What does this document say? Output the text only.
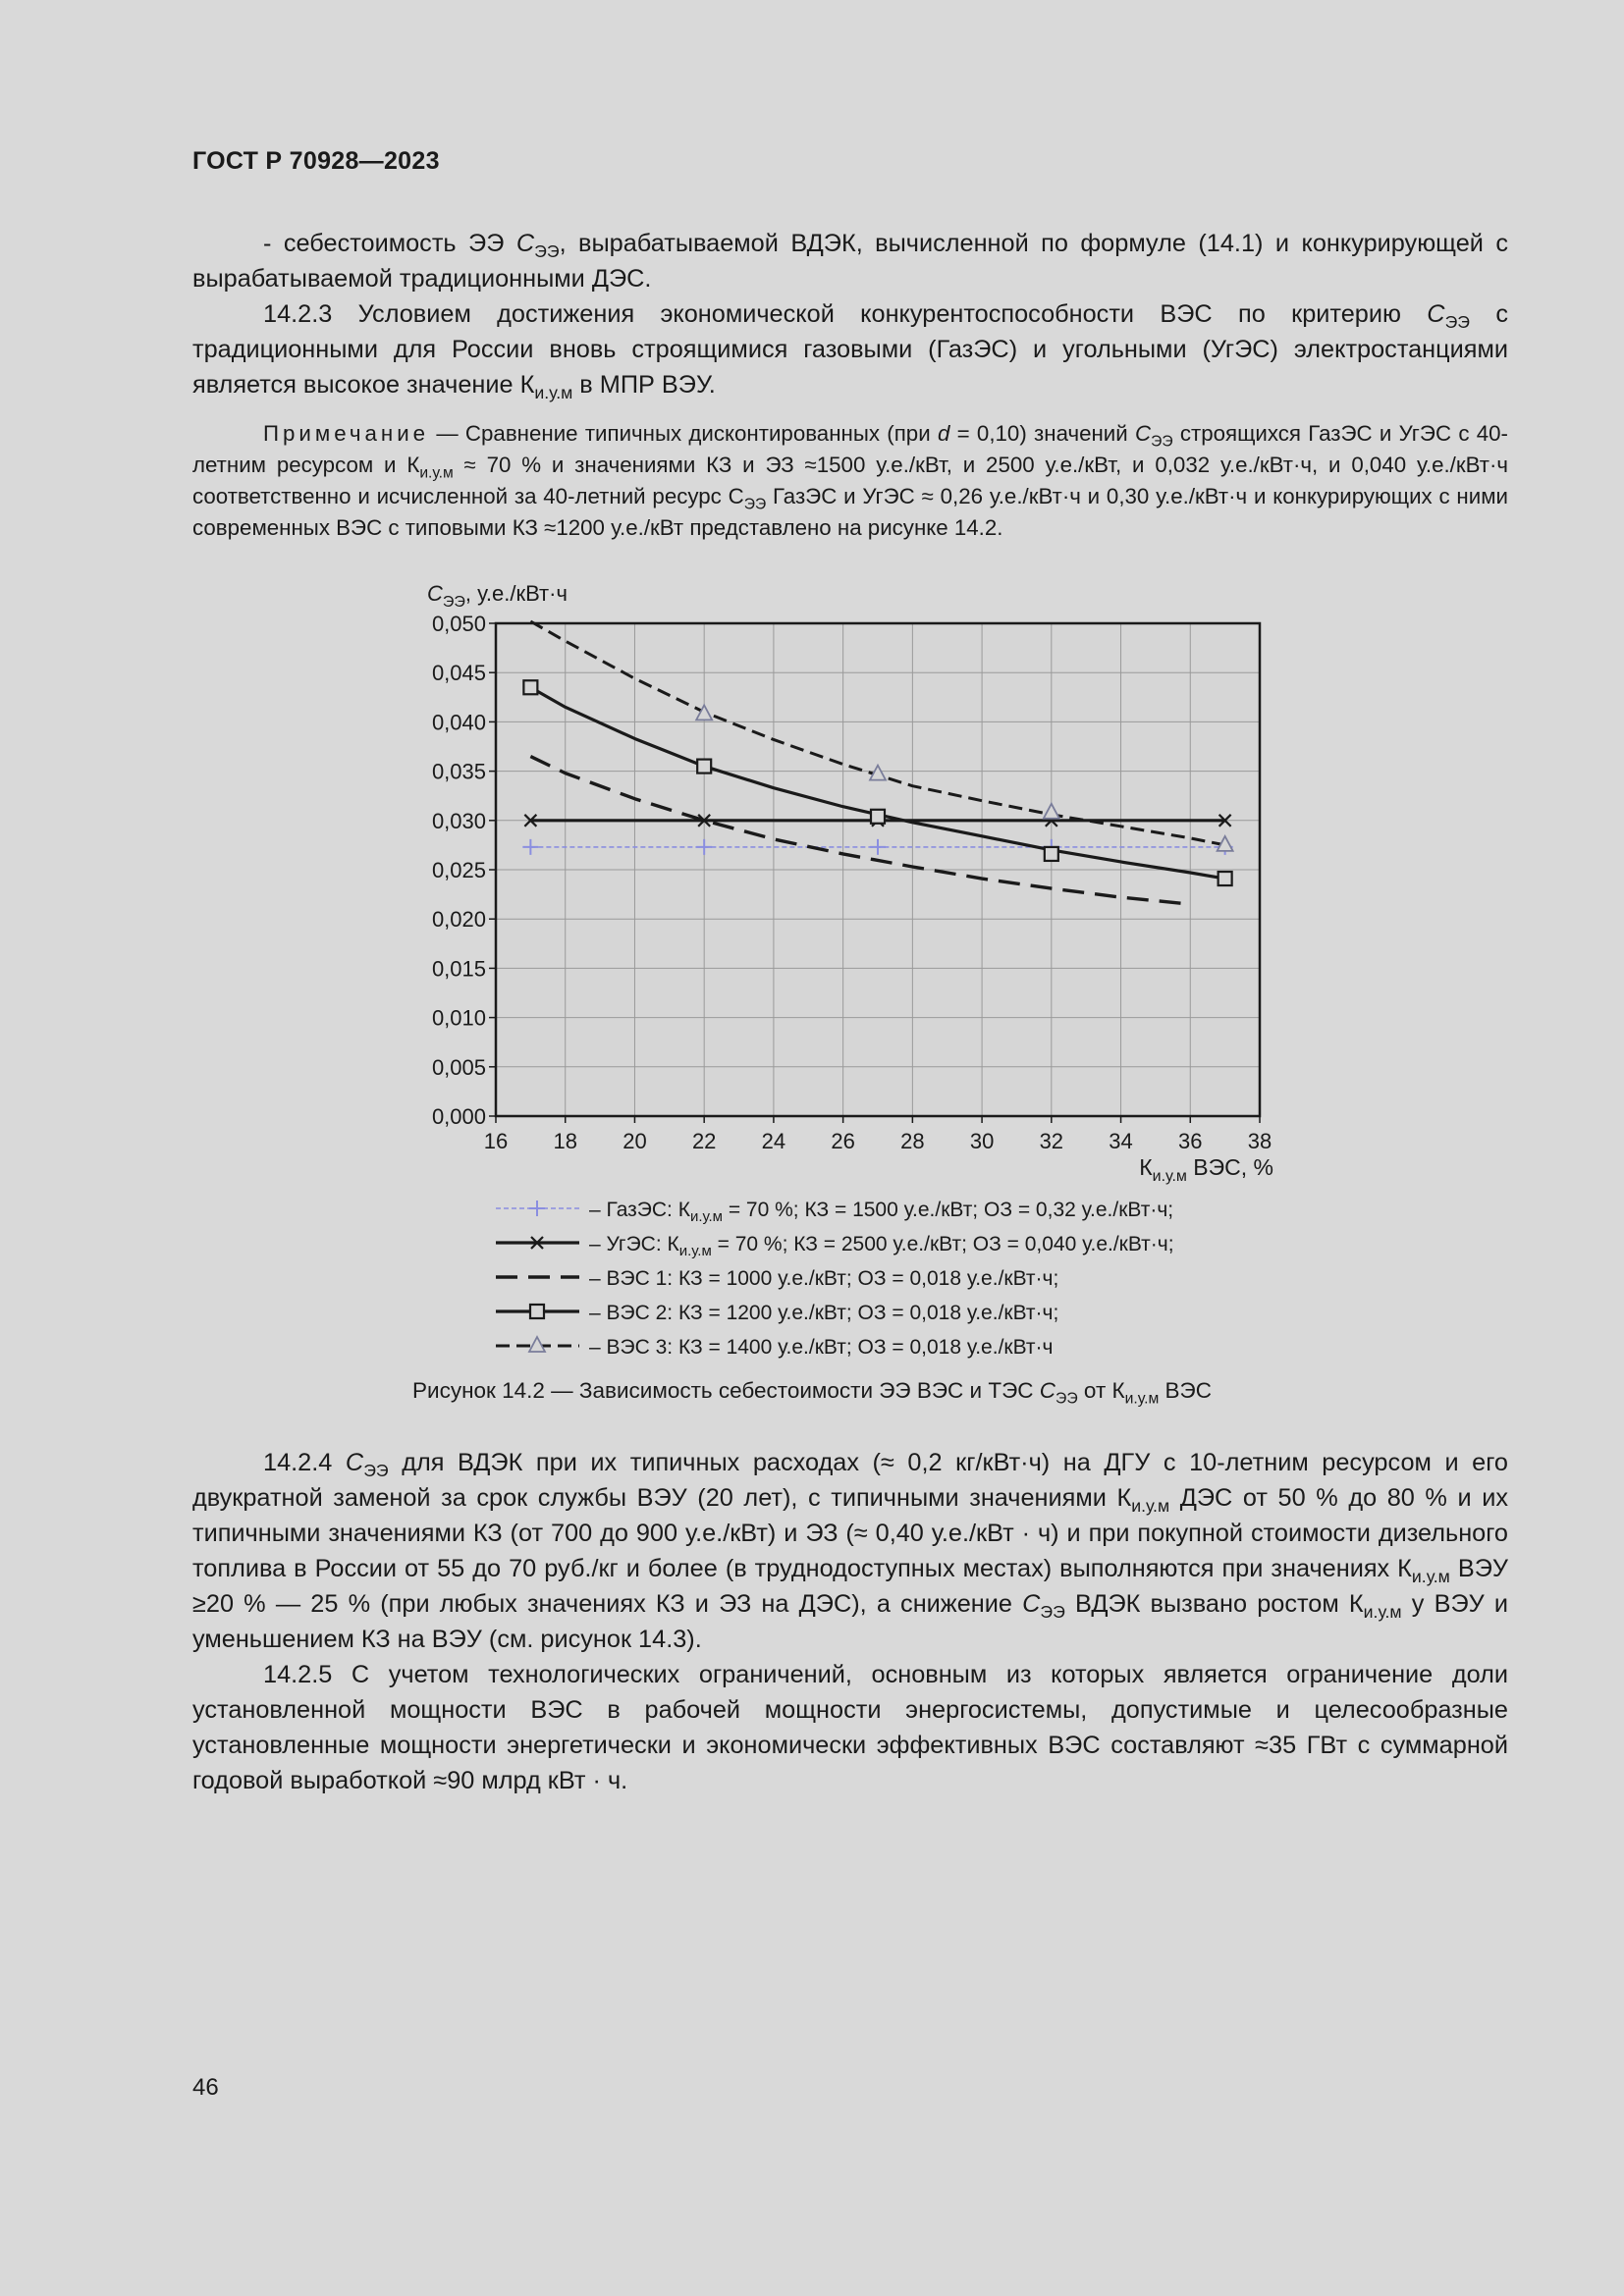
ГОСТ Р 70928—2023

- себестоимость ЭЭ $С_{ЭЭ}$, вырабатываемой ВДЭК, вычисленной по формуле (14.1) и конкурирующей с вырабатываемой традиционными ДЭС.

14.2.3 Условием достижения экономической конкурентоспособности ВЭС по критерию $С_{ЭЭ}$ с традиционными для России вновь строящимися газовыми (ГазЭС) и угольными (УгЭС) электростанциями является высокое значение $К_{и.у.м}$ в МПР ВЭУ.

Примечание — Сравнение типичных дисконтированных (при d = 0,10) значений $С_{ЭЭ}$ строящихся ГазЭС и УгЭС с 40-летним ресурсом и $К_{и.у.м} \approx 70$ % и значениями КЗ и ЭЗ ≈1500 у.е./кВт, и 2500 у.е./кВт, и 0,032 у.е./кВт·ч, и 0,040 у.е./кВт·ч соответственно и исчисленной за 40-летний ресурс $С_{ЭЭ}$ ГазЭС и УгЭС ≈ 0,26 у.е./кВт·ч и 0,30 у.е./кВт·ч и конкурирующих с ними современных ВЭС с типовыми КЗ ≈1200 у.е./кВт представлено на рисунке 14.2.

16 18 20 22 24 26 28 30 32 34 36 38
0,000
0,005
0,010
0,015
0,020
0,025
0,030
0,035
0,040
0,045
0,050
$С_{ЭЭ}$, у.е./кВт·ч
$К_{и.у.м}$ ВЭС, %
– ГазЭС: $К_{и.у.м} = 70$ %; КЗ = 1500 у.е./кВт; ОЗ = 0,32 у.е./кВт·ч;
– УгЭС: $К_{и.у.м} = 70$ %; КЗ = 2500 у.е./кВт; ОЗ = 0,040 у.е./кВт·ч;
– ВЭС 1: КЗ = 1000 у.е./кВт; ОЗ = 0,018 у.е./кВт·ч;
– ВЭС 2: КЗ = 1200 у.е./кВт; ОЗ = 0,018 у.е./кВт·ч;
– ВЭС 3: КЗ = 1400 у.е./кВт; ОЗ = 0,018 у.е./кВт·ч
Рисунок 14.2 — Зависимость себестоимости ЭЭ ВЭС и ТЭС $С_{ЭЭ}$ от $К_{и.у.м}$ ВЭС

14.2.4 $С_{ЭЭ}$ для ВДЭК при их типичных расходах (≈ 0,2 кг/кВт·ч) на ДГУ с 10-летним ресурсом и его двукратной заменой за срок службы ВЭУ (20 лет), с типичными значениями $К_{и.у.м}$ ДЭС от 50 % до 80 % и их типичными значениями КЗ (от 700 до 900 у.е./кВт) и ЭЗ (≈ 0,40 у.е./кВт · ч) и при покупной стоимости дизельного топлива в России от 55 до 70 руб./кг и более (в труднодоступных местах) выполняются при значениях $К_{и.у.м}$ ВЭУ ≥20 % — 25 % (при любых значениях КЗ и ЭЗ на ДЭС), а снижение $С_{ЭЭ}$ ВДЭК вызвано ростом $К_{и.у.м}$ у ВЭУ и уменьшением КЗ на ВЭУ (см. рисунок 14.3).

14.2.5 С учетом технологических ограничений, основным из которых является ограничение доли установленной мощности ВЭС в рабочей мощности энергосистемы, допустимые и целесообразные установленные мощности энергетически и экономически эффективных ВЭС составляют ≈35 ГВт с суммарной годовой выработкой ≈90 млрд кВт · ч.

46
